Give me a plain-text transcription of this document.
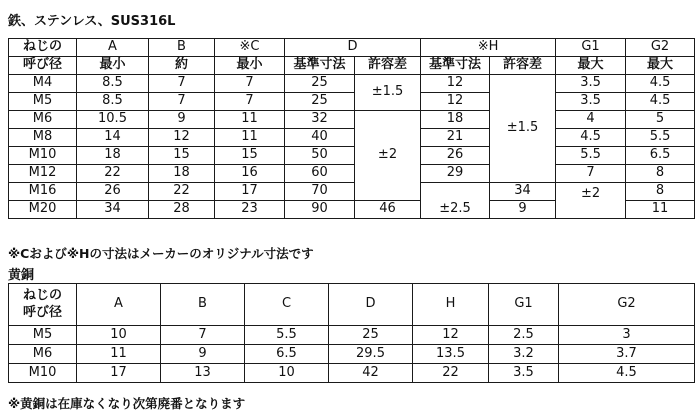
鉄、ステンレス、SUS316L
ねじの	A	B	※C	D		※H		G1	G2	
呼び径	最小	約	最小	基準寸法	許容差	基準寸法	許容差	最大	最大	
M4	8.5	7	7	25	±1.5	12	±1.5	3.5	4.5	
M5	8.5	7	7	25		12		3.5	4.5	
M6	10.5	9	11	32	±2	18		4	5	
M8	14	12	11	40		21		4.5	5.5	
M10	18	15	15	50		26		5.5	6.5	
M12	22	18	16	60		29		7	8	
M16	26	22	17	70		±2.5	34	±2	8	
M20	34	28	23	90	46		9		11	
※Cおよび※Hの寸法はメーカーのオリジナル寸法です
黄銅
ねじの
呼び径	A	B	C	D	H	G1	G2
M5	10	7	5.5	25	12	2.5	3
M6	11	9	6.5	29.5	13.5	3.2	3.7
M10	17	13	10	42	22	3.5	4.5
※黄銅は在庫なくなり次第廃番となります
